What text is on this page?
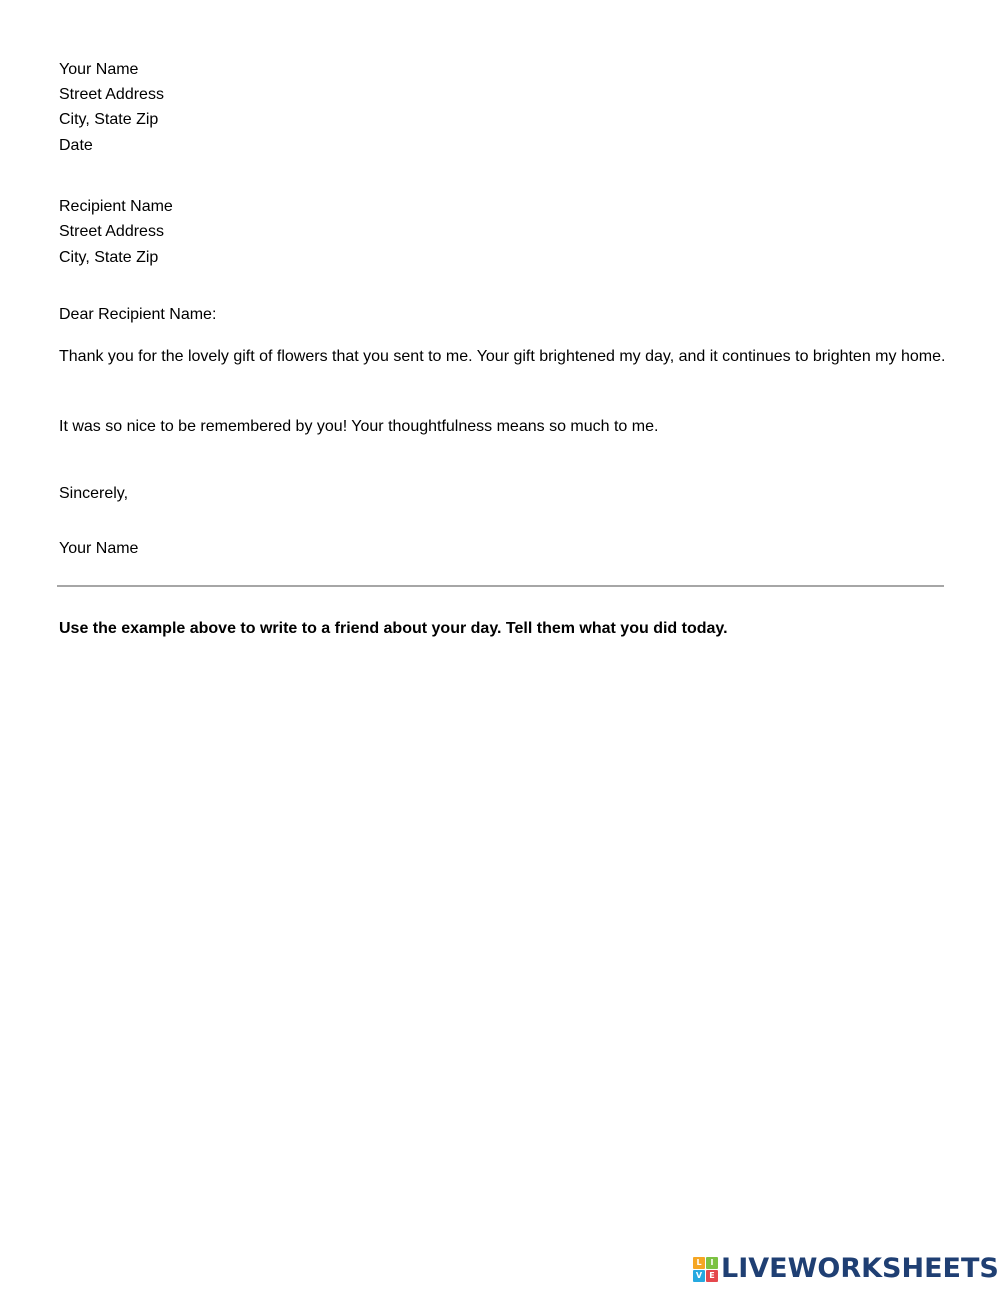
Your Name
Street Address
City, State Zip
Date
Recipient Name
Street Address
City, State Zip
Dear Recipient Name:
Thank you for the lovely gift of flowers that you sent to me. Your gift brightened my day, and it continues to brighten my home.
It was so nice to be remembered by you! Your thoughtfulness means so much to me.
Sincerely,
Your Name
Use the example above to write to a friend about your day. Tell them what you did today.
L	I
V E LIVEWORKSHEETS
